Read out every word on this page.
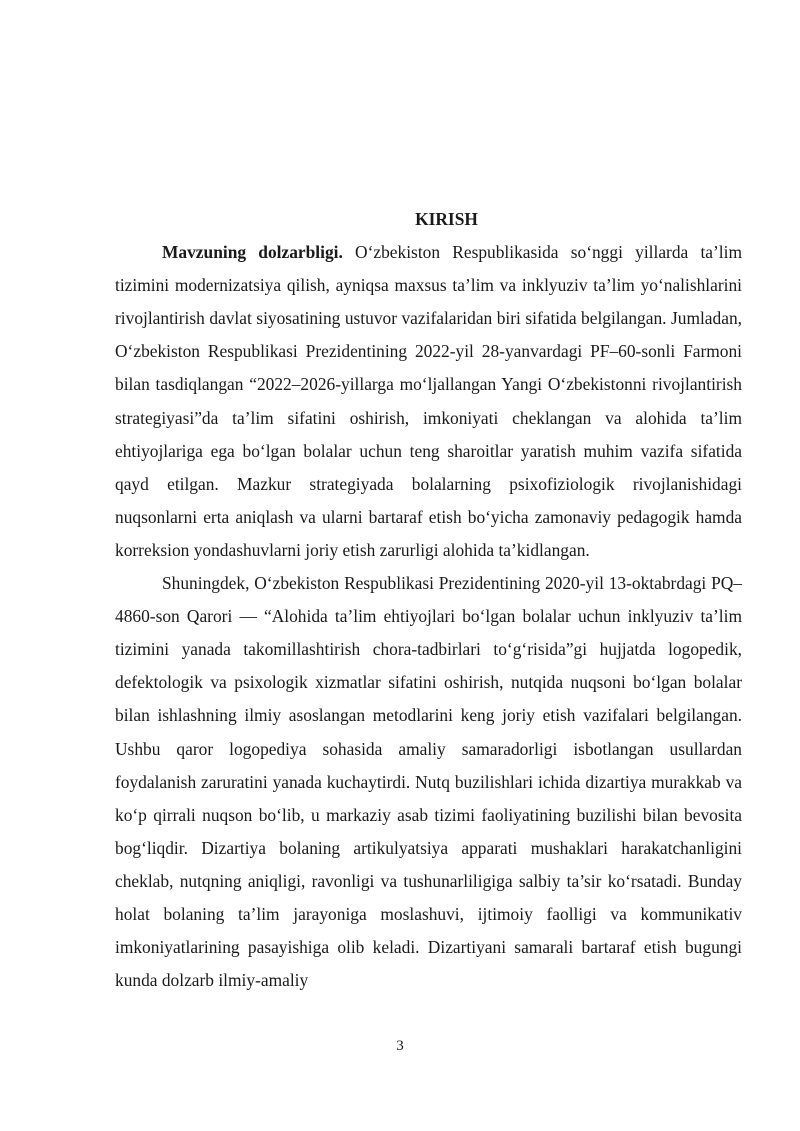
KIRISH

Mavzuning dolzarbligi. O‘zbekiston Respublikasida so‘nggi yillarda ta’lim tizimini modernizatsiya qilish, ayniqsa maxsus ta’lim va inklyuziv ta’lim yo‘nalishlarini rivojlantirish davlat siyosatining ustuvor vazifalaridan biri sifatida belgilangan. Jumladan, O‘zbekiston Respublikasi Prezidentining 2022-yil 28-yanvardagi PF–60-sonli Farmoni bilan tasdiqlangan “2022–2026-yillarga mo‘ljallangan Yangi O‘zbekistonni rivojlantirish strategiyasi”da ta’lim sifatini oshirish, imkoniyati cheklangan va alohida ta’lim ehtiyojlariga ega bo‘lgan bolalar uchun teng sharoitlar yaratish muhim vazifa sifatida qayd etilgan. Mazkur strategiyada bolalarning psixofiziologik rivojlanishidagi nuqsonlarni erta aniqlash va ularni bartaraf etish bo‘yicha zamonaviy pedagogik hamda korreksion yondashuvlarni joriy etish zarurligi alohida ta’kidlangan.

Shuningdek, O‘zbekiston Respublikasi Prezidentining 2020-yil 13-oktabrdagi PQ–4860-son Qarori — “Alohida ta’lim ehtiyojlari bo‘lgan bolalar uchun inklyuziv ta’lim tizimini yanada takomillashtirish chora-tadbirlari to‘g‘risida”gi hujjatda logopedik, defektologik va psixologik xizmatlar sifatini oshirish, nutqida nuqsoni bo‘lgan bolalar bilan ishlashning ilmiy asoslangan metodlarini keng joriy etish vazifalari belgilangan. Ushbu qaror logopediya sohasida amaliy samaradorligi isbotlangan usullardan foydalanish zaruratini yanada kuchaytirdi. Nutq buzilishlari ichida dizartiya murakkab va ko‘p qirrali nuqson bo‘lib, u markaziy asab tizimi faoliyatining buzilishi bilan bevosita bog‘liqdir. Dizartiya bolaning artikulyatsiya apparati mushaklari harakatchanligini cheklab, nutqning aniqligi, ravonligi va tushunarliligiga salbiy ta’sir ko‘rsatadi. Bunday holat bolaning ta’lim jarayoniga moslashuvi, ijtimoiy faolligi va kommunikativ imkoniyatlarining pasayishiga olib keladi. Dizartiyani samarali bartaraf etish bugungi kunda dolzarb ilmiy-amaliy

3
